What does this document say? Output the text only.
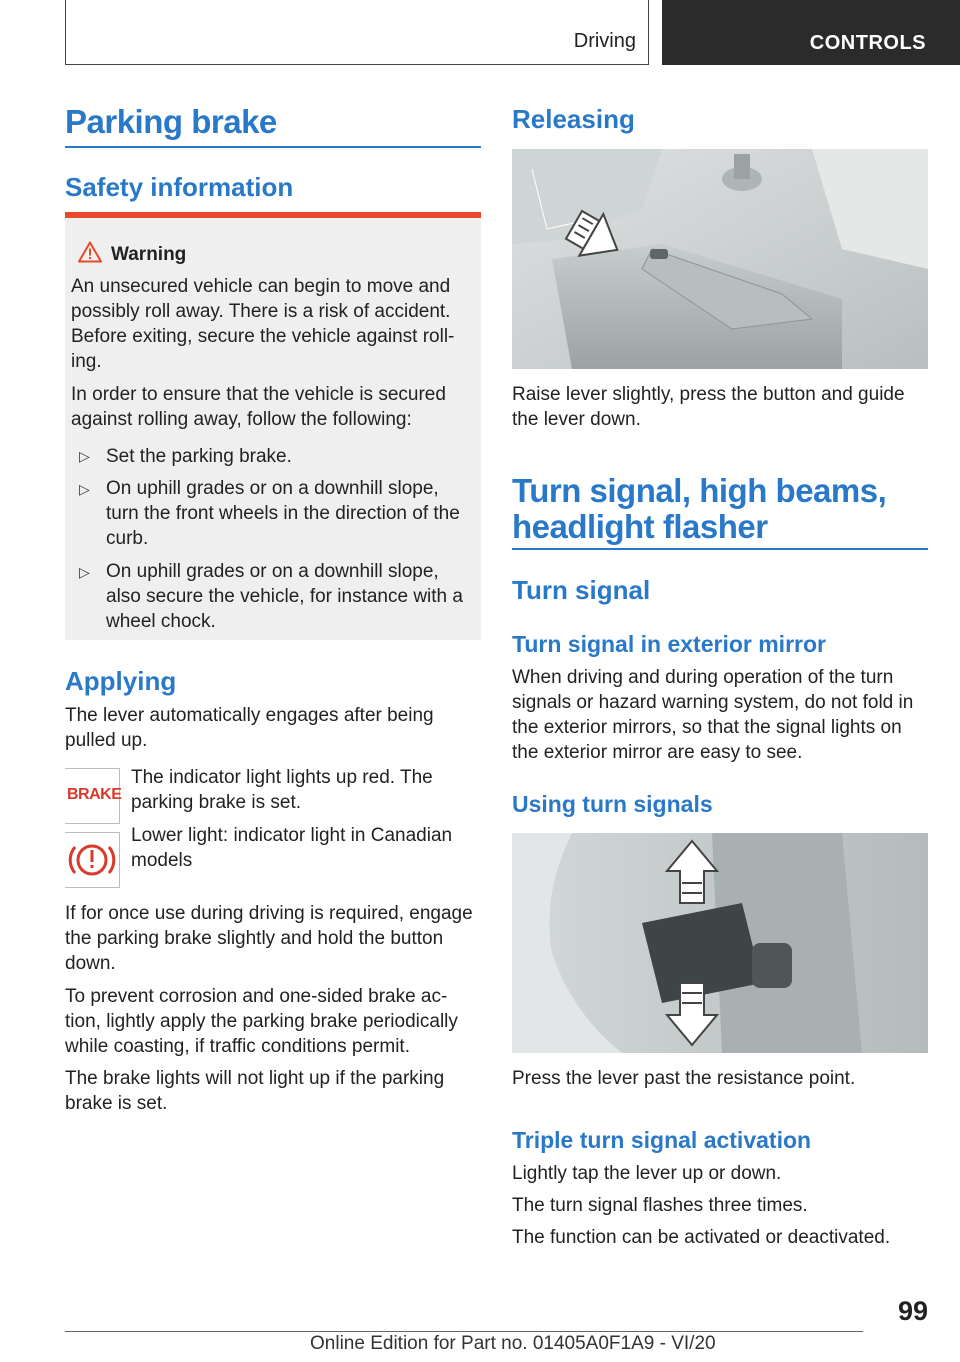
Driving	CONTROLS
Parking brake
Safety information
Warning
An unsecured vehicle can begin to move and possibly roll away. There is a risk of accident. Before exiting, secure the vehicle against roll-ing.
In order to ensure that the vehicle is secured against rolling away, follow the following:
▷ Set the parking brake.
▷ On uphill grades or on a downhill slope, turn the front wheels in the direction of the curb.
▷ On uphill grades or on a downhill slope, also secure the vehicle, for instance with a wheel chock.
Applying
The lever automatically engages after being pulled up.
BRAKE
The indicator light lights up red. The parking brake is set.
Lower light: indicator light in Canadian models
If for once use during driving is required, engage the parking brake slightly and hold the button down.
To prevent corrosion and one-sided brake ac-tion, lightly apply the parking brake periodically while coasting, if traffic conditions permit.
The brake lights will not light up if the parking brake is set.
Releasing
Raise lever slightly, press the button and guide the lever down.
Turn signal, high beams,
headlight flasher
Turn signal
Turn signal in exterior mirror
When driving and during operation of the turn signals or hazard warning system, do not fold in the exterior mirrors, so that the signal lights on the exterior mirror are easy to see.
Using turn signals
Press the lever past the resistance point.
Triple turn signal activation
Lightly tap the lever up or down.
The turn signal flashes three times.
The function can be activated or deactivated.
99
Online Edition for Part no. 01405A0F1A9 - VI/20
